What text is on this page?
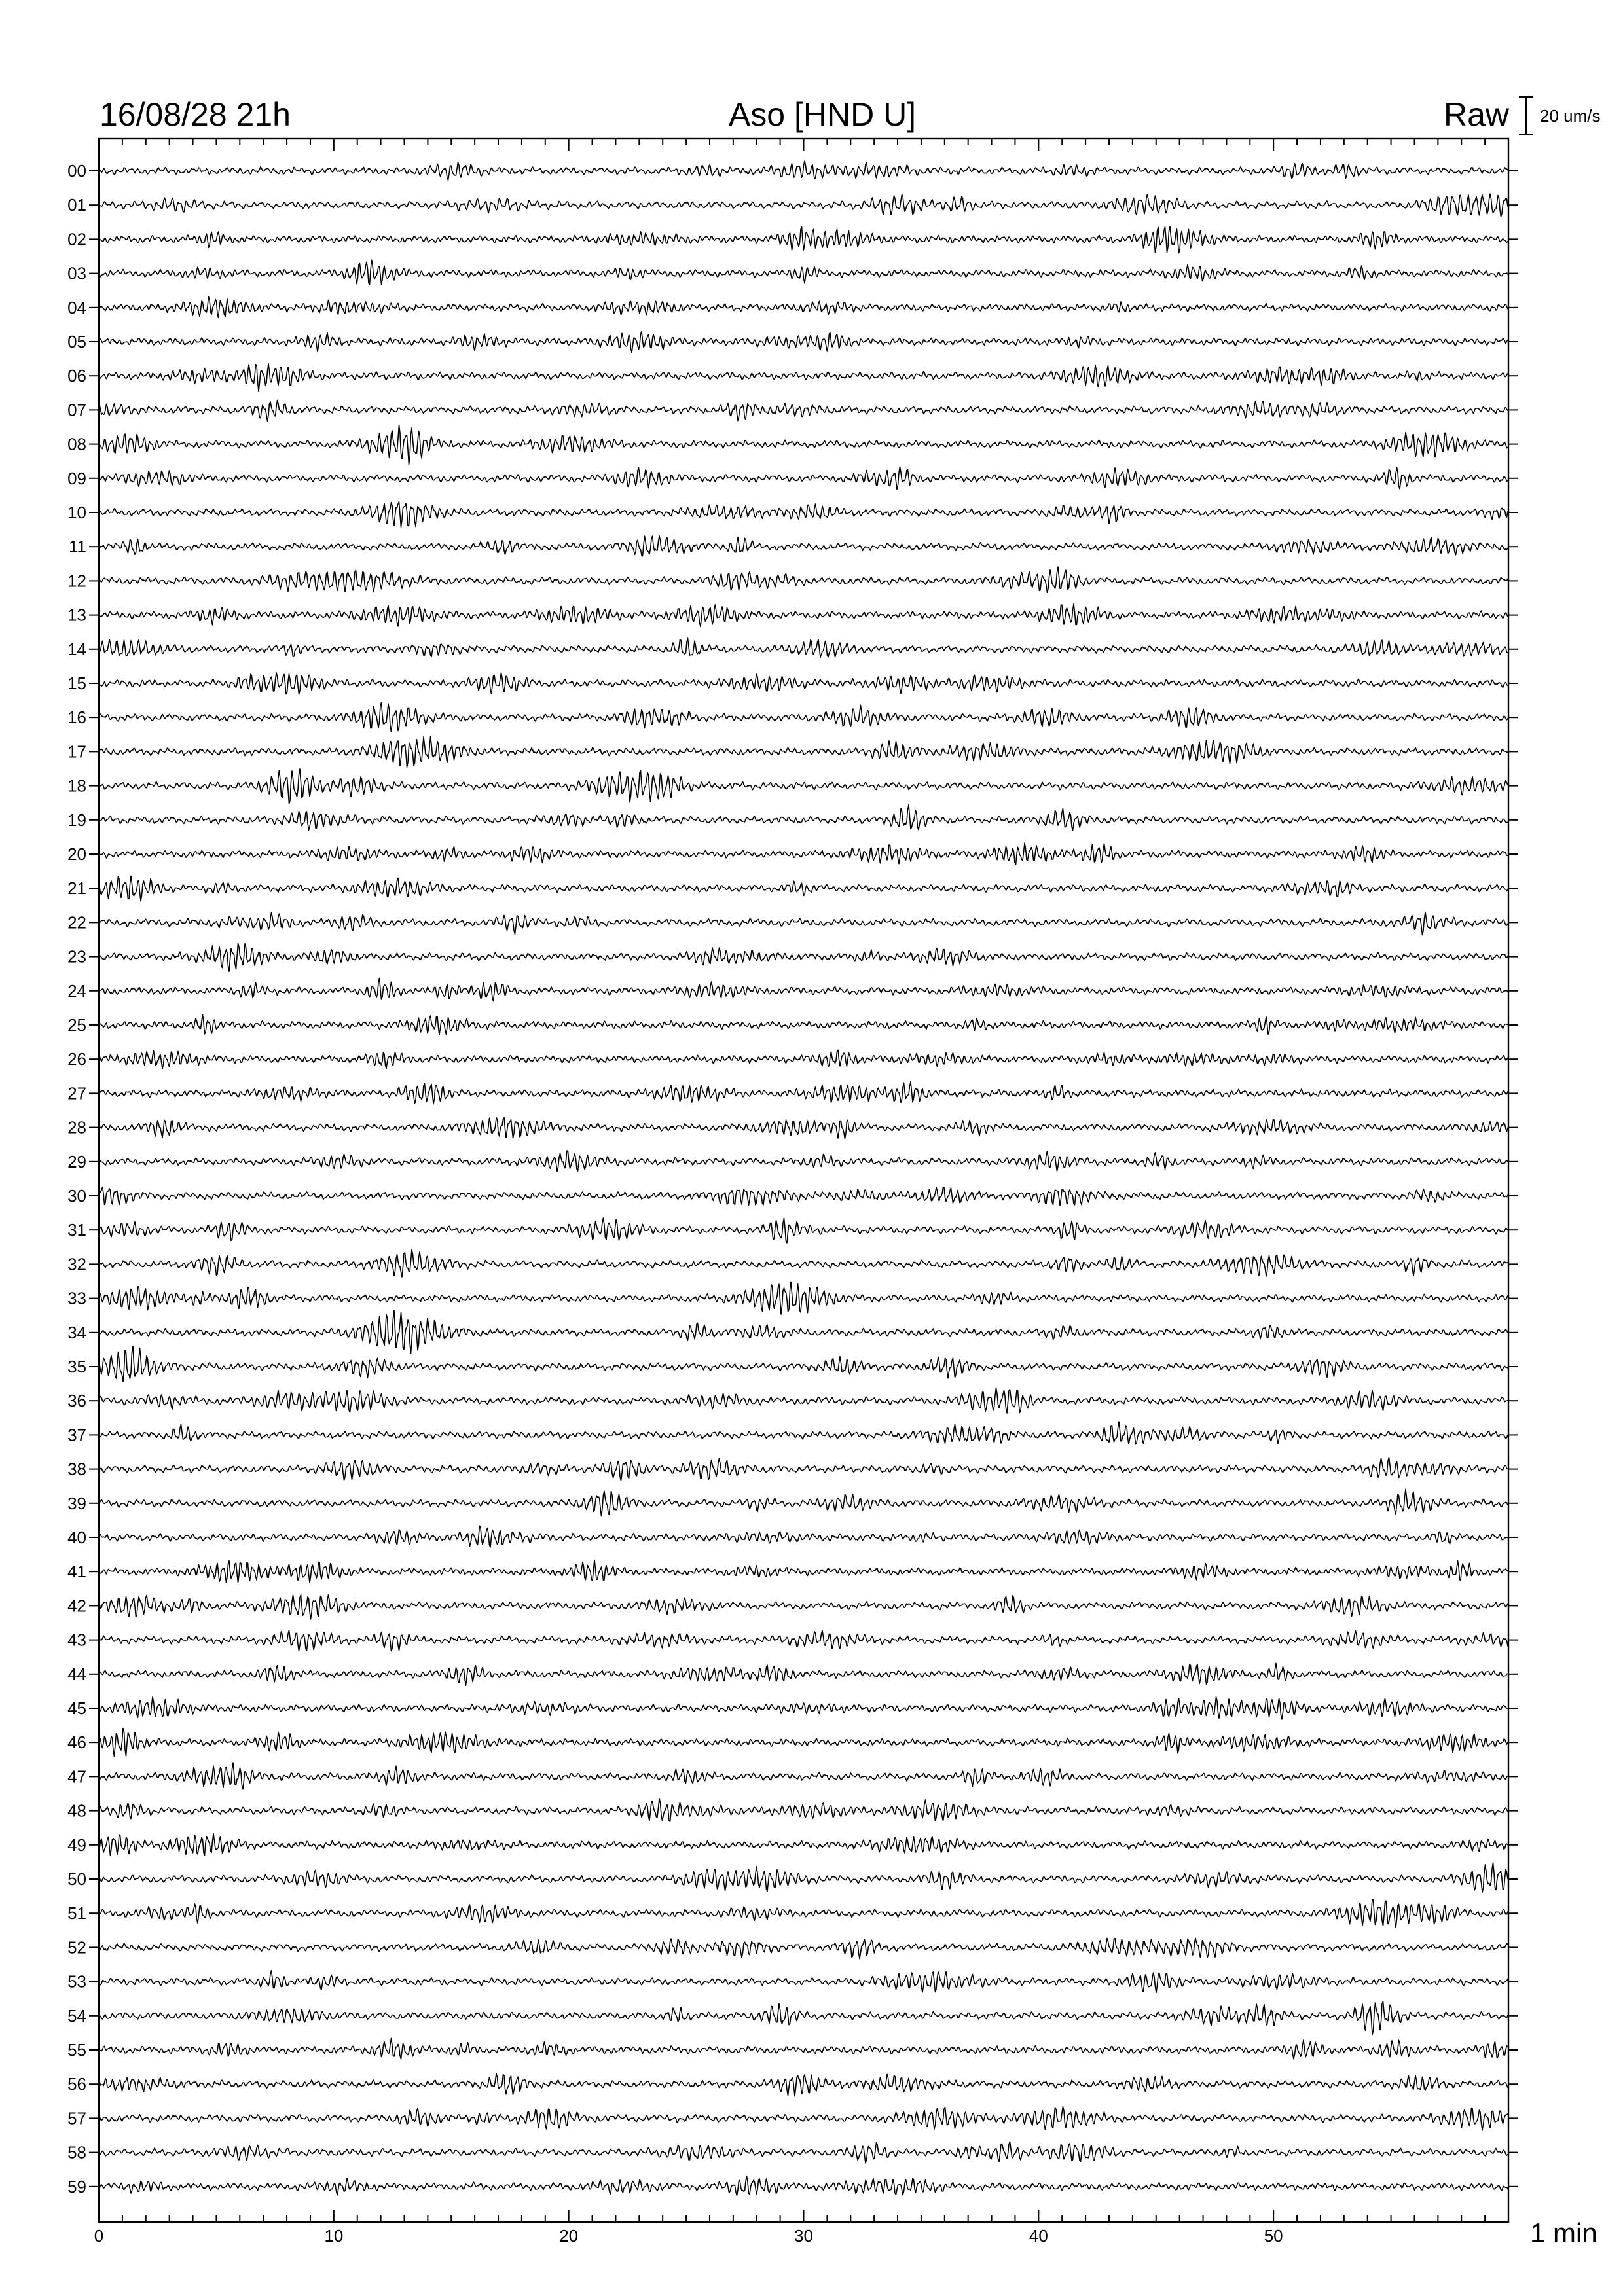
16/08/28 21h	Aso [HND U]	Raw 20 um/s
0	10	20	30	40	50
00
01
02
03
04
05
06
07
08
09
10
11
12
13
14
15
16
17
18
19
20
21
22
23
24
25
26
27
28
29
30
31
32
33
34
35
36
37
38
39
40
41
42
43
44
45
46
47
48
49
50
51
52
53
54
55
56
57
58
59
1 min
